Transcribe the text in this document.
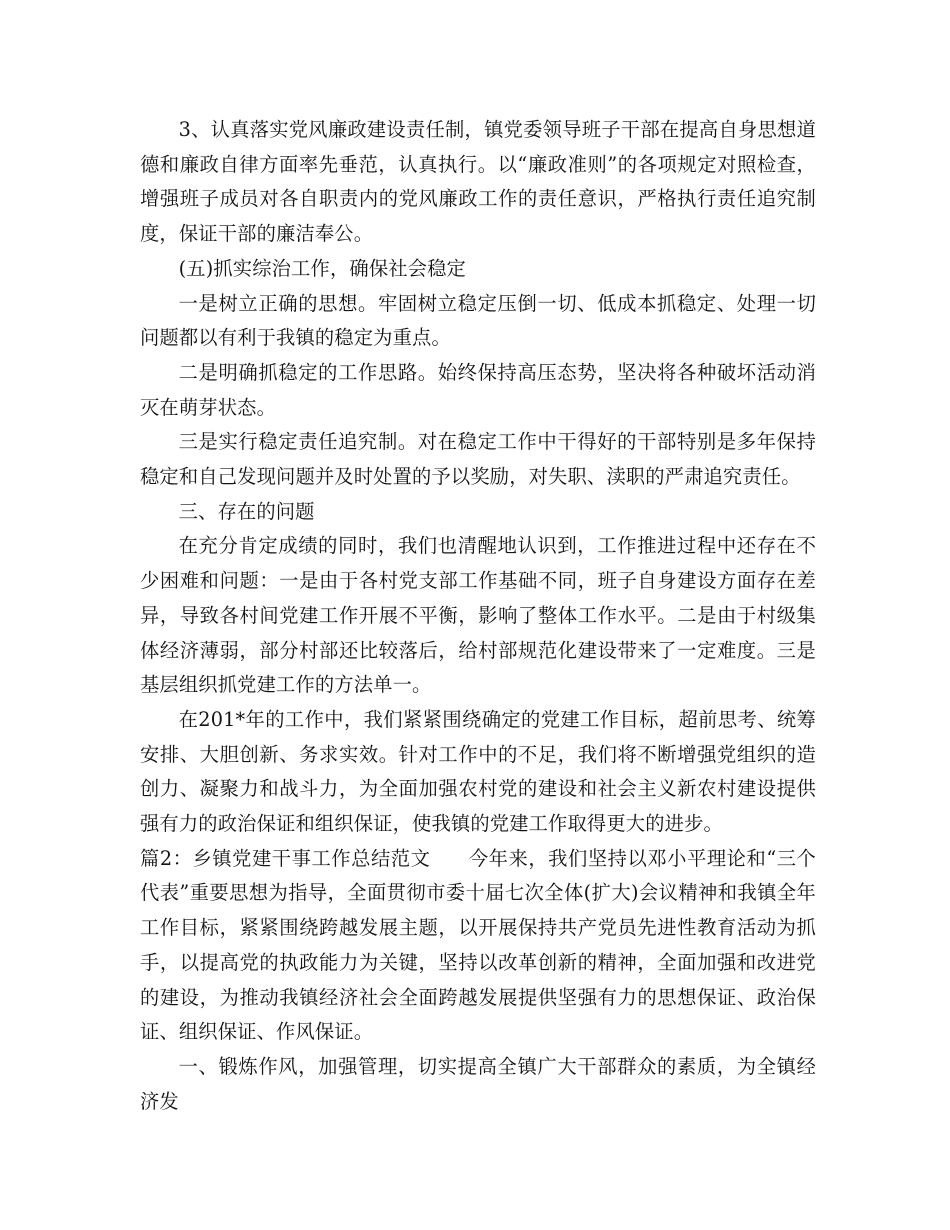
3、认真落实党风廉政建设责任制，镇党委领导班子干部在提高自身思想道德和廉政自律方面率先垂范，认真执行。以“廉政准则”的各项规定对照检查，增强班子成员对各自职责内的党风廉政工作的责任意识，严格执行责任追究制度，保证干部的廉洁奉公。

(五)抓实综治工作，确保社会稳定

一是树立正确的思想。牢固树立稳定压倒一切、低成本抓稳定、处理一切问题都以有利于我镇的稳定为重点。

二是明确抓稳定的工作思路。始终保持高压态势，坚决将各种破坏活动消灭在萌芽状态。

三是实行稳定责任追究制。对在稳定工作中干得好的干部特别是多年保持稳定和自己发现问题并及时处置的予以奖励，对失职、渎职的严肃追究责任。

三、存在的问题

在充分肯定成绩的同时，我们也清醒地认识到，工作推进过程中还存在不少困难和问题：一是由于各村党支部工作基础不同，班子自身建设方面存在差异，导致各村间党建工作开展不平衡，影响了整体工作水平。二是由于村级集体经济薄弱，部分村部还比较落后，给村部规范化建设带来了一定难度。三是基层组织抓党建工作的方法单一。

在201*年的工作中，我们紧紧围绕确定的党建工作目标，超前思考、统筹安排、大胆创新、务求实效。针对工作中的不足，我们将不断增强党组织的造创力、凝聚力和战斗力，为全面加强农村党的建设和社会主义新农村建设提供强有力的政治保证和组织保证，使我镇的党建工作取得更大的进步。

篇2：乡镇党建干事工作总结范文 今年来，我们坚持以邓小平理论和“三个代表”重要思想为指导，全面贯彻市委十届七次全体(扩大)会议精神和我镇全年工作目标，紧紧围绕跨越发展主题，以开展保持共产党员先进性教育活动为抓手，以提高党的执政能力为关键，坚持以改革创新的精神，全面加强和改进党的建设，为推动我镇经济社会全面跨越发展提供坚强有力的思想保证、政治保证、组织保证、作风保证。

一、锻炼作风，加强管理，切实提高全镇广大干部群众的素质，为全镇经济发
